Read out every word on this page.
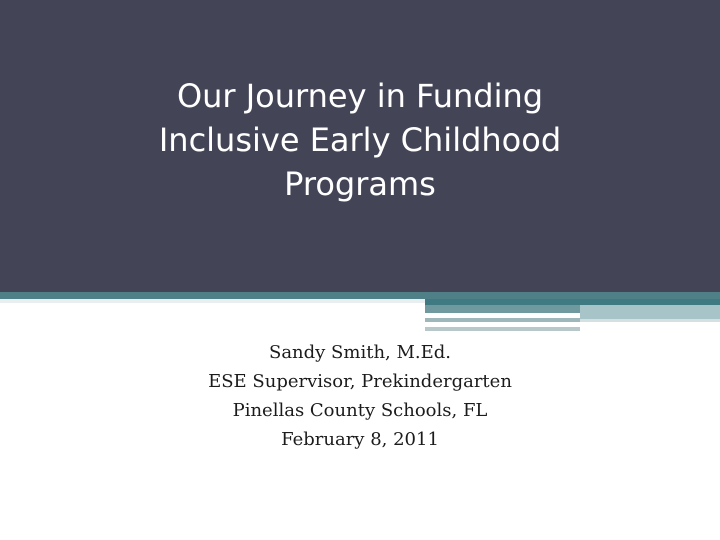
Our Journey in Funding
Inclusive Early Childhood
Programs

Sandy Smith, M.Ed.

ESE Supervisor, Prekindergarten

Pinellas County Schools, FL

February 8, 2011
